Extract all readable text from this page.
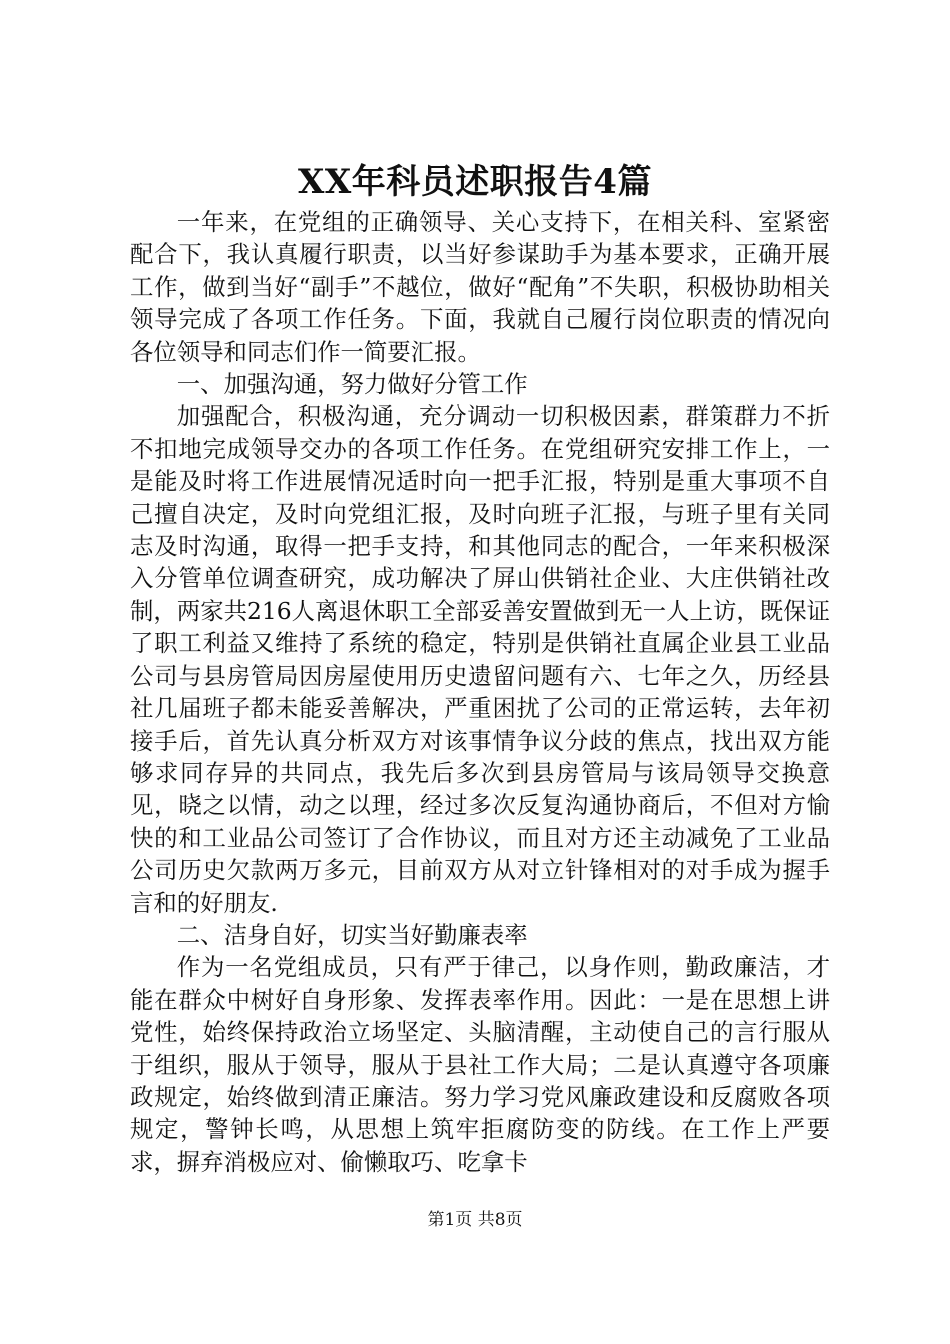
XX年科员述职报告4篇

一年来，在党组的正确领导、关心支持下，在相关科、室紧密配合下，我认真履行职责，以当好参谋助手为基本要求，正确开展工作，做到当好“副手”不越位，做好“配角”不失职，积极协助相关领导完成了各项工作任务。下面，我就自己履行岗位职责的情况向各位领导和同志们作一简要汇报。

一、加强沟通，努力做好分管工作

加强配合，积极沟通，充分调动一切积极因素，群策群力不折不扣地完成领导交办的各项工作任务。在党组研究安排工作上，一是能及时将工作进展情况适时向一把手汇报，特别是重大事项不自己擅自决定，及时向党组汇报，及时向班子汇报，与班子里有关同志及时沟通，取得一把手支持，和其他同志的配合，一年来积极深入分管单位调查研究，成功解决了屏山供销社企业、大庄供销社改制，两家共216人离退休职工全部妥善安置做到无一人上访，既保证了职工利益又维持了系统的稳定，特别是供销社直属企业县工业品公司与县房管局因房屋使用历史遗留问题有六、七年之久，历经县社几届班子都未能妥善解决，严重困扰了公司的正常运转，去年初接手后，首先认真分析双方对该事情争议分歧的焦点，找出双方能够求同存异的共同点，我先后多次到县房管局与该局领导交换意见，晓之以情，动之以理，经过多次反复沟通协商后，不但对方愉快的和工业品公司签订了合作协议，而且对方还主动减免了工业品公司历史欠款两万多元，目前双方从对立针锋相对的对手成为握手言和的好朋友.

二、洁身自好，切实当好勤廉表率

作为一名党组成员，只有严于律己，以身作则，勤政廉洁，才能在群众中树好自身形象、发挥表率作用。因此：一是在思想上讲党性，始终保持政治立场坚定、头脑清醒，主动使自己的言行服从于组织，服从于领导，服从于县社工作大局；二是认真遵守各项廉政规定，始终做到清正廉洁。努力学习党风廉政建设和反腐败各项规定，警钟长鸣，从思想上筑牢拒腐防变的防线。在工作上严要求，摒弃消极应对、偷懒取巧、吃拿卡

第1页 共8页
